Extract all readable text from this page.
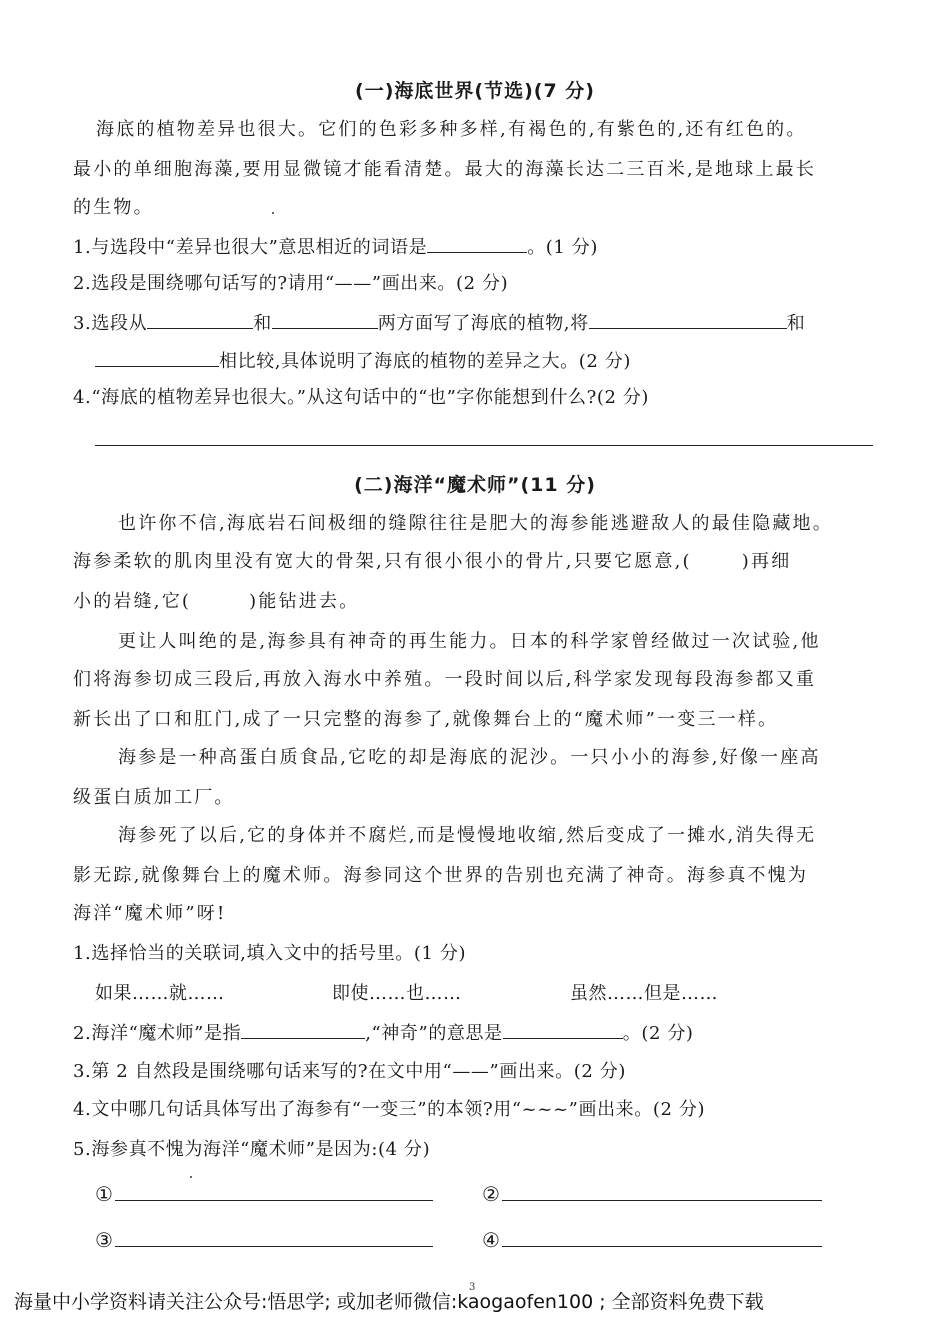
(一)海底世界(节选)(7 分)
海底的植物差异也很大。它们的色彩多种多样,有褐色的,有紫色的,还有红色的。
最小的单细胞海藻,要用显微镜才能看清楚。最大的海藻长达二三百米,是地球上最长
的生物。
1.与选段中“差异也很大”意思相近的词语是	。(1 分)
2.选段是围绕哪句话写的?请用“——”画出来。(2 分)
3.选段从	和	两方面写了海底的植物,将	和
相比较,具体说明了海底的植物的差异之大。(2 分)
4.“海底的植物差异也很大。”从这句话中的“也”字你能想到什么?(2 分)
(二)海洋“魔术师”(11 分)
也许你不信,海底岩石间极细的缝隙往往是肥大的海参能逃避敌人的最佳隐藏地。
海参柔软的肌肉里没有宽大的骨架,只有很小很小的骨片,只要它愿意,(	)再细
小的岩缝,它(	)能钻进去。
更让人叫绝的是,海参具有神奇的再生能力。日本的科学家曾经做过一次试验,他
们将海参切成三段后,再放入海水中养殖。一段时间以后,科学家发现每段海参都又重
新长出了口和肛门,成了一只完整的海参了,就像舞台上的“魔术师”一变三一样。
海参是一种高蛋白质食品,它吃的却是海底的泥沙。一只小小的海参,好像一座高
级蛋白质加工厂。
海参死了以后,它的身体并不腐烂,而是慢慢地收缩,然后变成了一摊水,消失得无
影无踪,就像舞台上的魔术师。海参同这个世界的告别也充满了神奇。海参真不愧为
海洋“魔术师”呀!
1.选择恰当的关联词,填入文中的括号里。(1 分)
如果……就……	即使……也……	虽然……但是……
2.海洋“魔术师”是指	,“神奇”的意思是	。(2 分)
3.第 2 自然段是围绕哪句话来写的?在文中用“——”画出来。(2 分)
4.文中哪几句话具体写出了海参有“一变三”的本领?用“~~~”画出来。(2 分)
5.海参真不愧为海洋“魔术师”是因为:(4 分)
①	②
③	④
3
海量中小学资料请关注公众号:悟思学; 或加老师微信:kaogaofen100 ; 全部资料免费下载
